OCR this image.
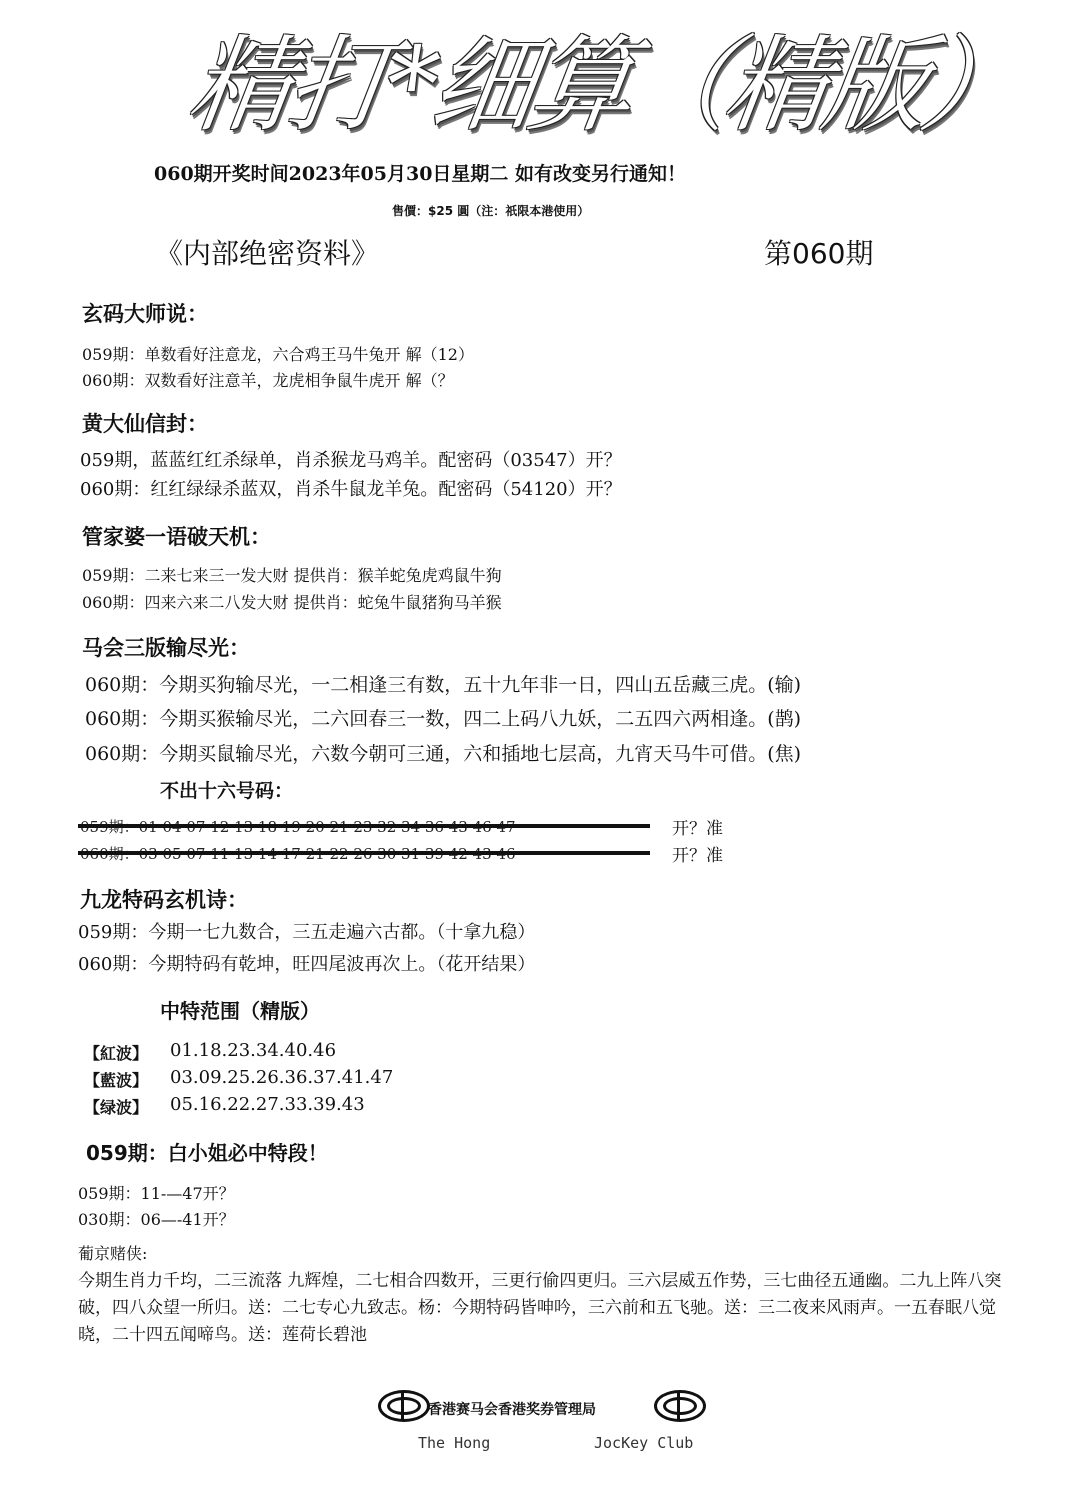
精打*细算（精版）
060期开奖时间2023年05月30日星期二 如有改变另行通知！
售價：$25 圓（注：祇限本港使用）
《内部绝密资料》	第060期
玄码大师说：
059期：单数看好注意龙，六合鸡王马牛兔开 解（12）
060期：双数看好注意羊，龙虎相争鼠牛虎开 解（？
黄大仙信封：
059期，蓝蓝红红杀绿单，肖杀猴龙马鸡羊。配密码（03547）开？
060期：红红绿绿杀蓝双，肖杀牛鼠龙羊兔。配密码（54120）开？
管家婆一语破天机：
059期：二来七来三一发大财 提供肖：猴羊蛇兔虎鸡鼠牛狗
060期：四来六来二八发大财 提供肖：蛇兔牛鼠猪狗马羊猴
马会三版输尽光：
060期：今期买狗输尽光，一二相逢三有数，五十九年非一日，四山五岳藏三虎。(输)
060期：今期买猴输尽光，二六回春三一数，四二上码八九妖，二五四六两相逢。(鹊)
060期：今期买鼠输尽光，六数今朝可三通，六和插地七层高，九宵天马牛可借。(焦)
不出十六号码：
开？准
开？准
九龙特码玄机诗：
059期：今期一七九数合，三五走遍六古都。（十拿九稳）
060期：今期特码有乾坤，旺四尾波再次上。（花开结果）
中特范围（精版）
【紅波】 01.18.23.34.40.46
【藍波】 03.09.25.26.36.37.41.47
【绿波】 05.16.22.27.33.39.43
059期：白小姐必中特段！
059期：11-—47开？
030期：06—-41开？
葡京赌侠:
今期生肖力千均，二三流落 九辉煌，二七相合四数开，三更行偷四更归。三六层威五作势，三七曲径五通幽。二九上阵八突破，四八众望一所归。送：二七专心九致志。杨：今期特码皆呻吟，三六前和五飞驰。送：三二夜来风雨声。一五春眠八觉晓，二十四五闻啼鸟。送：莲荷长碧池
香港赛马会香港奖券管理局
The Hong	JocKey Club
